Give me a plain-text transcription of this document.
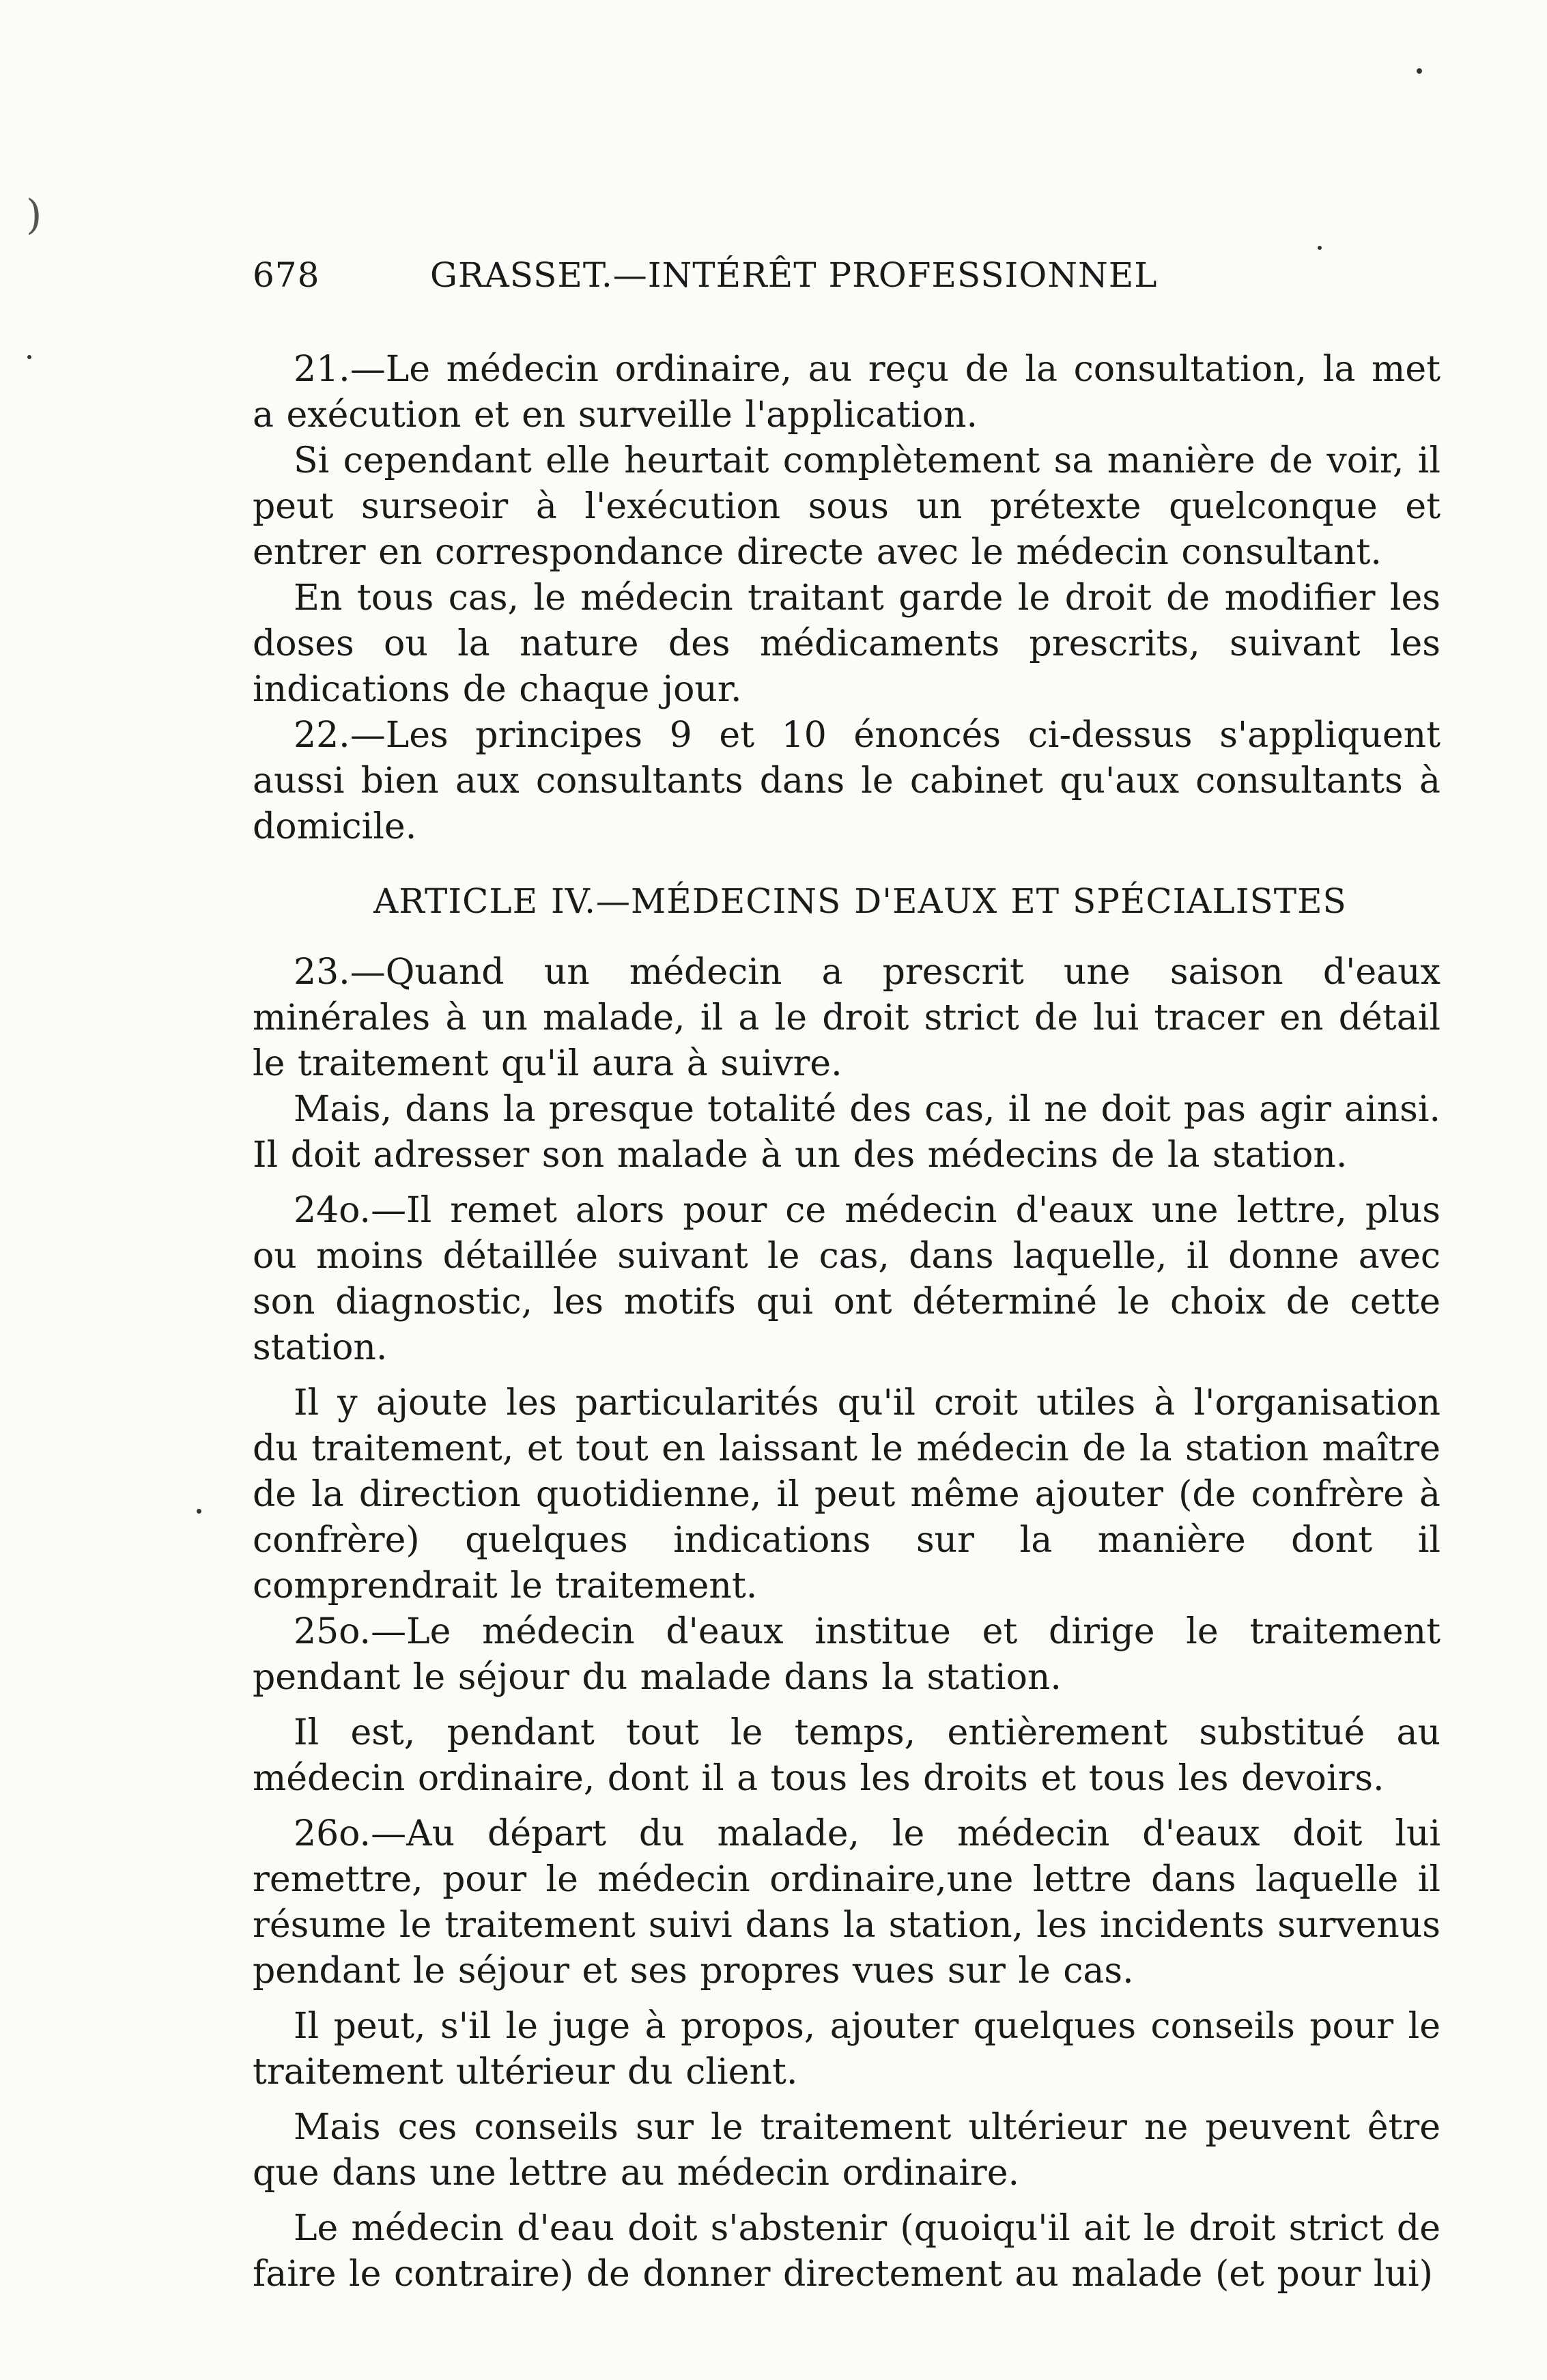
)
678	GRASSET.—INTÉRÊT PROFESSIONNEL

21.—Le médecin ordinaire, au reçu de la consultation, la met a exécution et en surveille l'application.

Si cependant elle heurtait complètement sa manière de voir, il peut surseoir à l'exécution sous un prétexte quelconque et entrer en correspondance directe avec le médecin consultant.

En tous cas, le médecin traitant garde le droit de modifier les doses ou la nature des médicaments prescrits, suivant les indications de chaque jour.

22.—Les principes 9 et 10 énoncés ci-dessus s'appliquent aussi bien aux consultants dans le cabinet qu'aux consultants à domicile.

ARTICLE IV.—MÉDECINS D'EAUX ET SPÉCIALISTES

23.—Quand un médecin a prescrit une saison d'eaux minérales à un malade, il a le droit strict de lui tracer en détail le traitement qu'il aura à suivre.

Mais, dans la presque totalité des cas, il ne doit pas agir ainsi. Il doit adresser son malade à un des médecins de la station.

24o.—Il remet alors pour ce médecin d'eaux une lettre, plus ou moins détaillée suivant le cas, dans laquelle, il donne avec son diagnostic, les motifs qui ont déterminé le choix de cette station.

Il y ajoute les particularités qu'il croit utiles à l'organisation du traitement, et tout en laissant le médecin de la station maître de la direction quotidienne, il peut même ajouter (de confrère à confrère) quelques indications sur la manière dont il comprendrait le traitement.

25o.—Le médecin d'eaux institue et dirige le traitement pendant le séjour du malade dans la station.

Il est, pendant tout le temps, entièrement substitué au médecin ordinaire, dont il a tous les droits et tous les devoirs.

26o.—Au départ du malade, le médecin d'eaux doit lui remettre, pour le médecin ordinaire,une lettre dans laquelle il résume le traitement suivi dans la station, les incidents survenus pendant le séjour et ses propres vues sur le cas.

Il peut, s'il le juge à propos, ajouter quelques conseils pour le traitement ultérieur du client.

Mais ces conseils sur le traitement ultérieur ne peuvent être que dans une lettre au médecin ordinaire.

Le médecin d'eau doit s'abstenir (quoiqu'il ait le droit strict de faire le contraire) de donner directement au malade (et pour lui)
